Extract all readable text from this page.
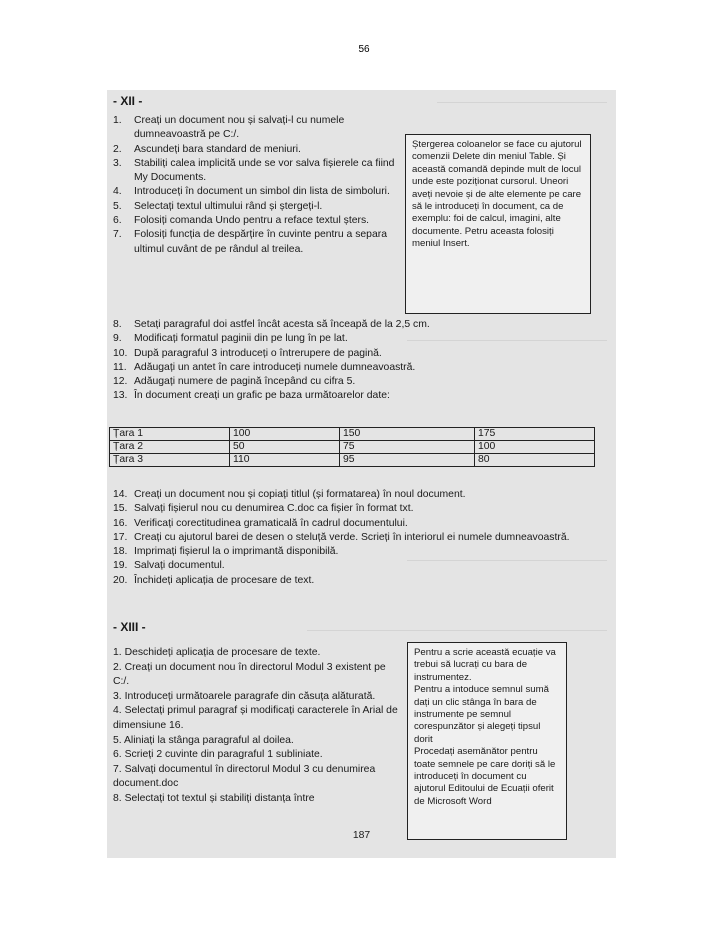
56
- XII -
1.	Creați un document nou și salvați-l cu numele dumneavoastră pe C:/.
2.	Ascundeți bara standard de meniuri.
3.	Stabiliți calea implicită unde se vor salva fișierele ca fiind My Documents.
4.	Introduceți în document un simbol din lista de simboluri.
5.	Selectați textul ultimului rând și ștergeți-l.
6.	Folosiți comanda Undo pentru a reface textul șters.
7.	Folosiți funcția de despărțire în cuvinte pentru a separa ultimul cuvânt de pe rândul al treilea.
8.	Setați paragraful doi astfel încât acesta să înceapă de la 2,5 cm.
9.	Modificați formatul paginii din pe lung în pe lat.
10. După paragraful 3 introduceți o întrerupere de pagină.
11. Adăugați un antet în care introduceți numele dumneavoastră.
12. Adăugați numere de pagină începând cu cifra 5.
13. În document creați un grafic pe baza următoarelor date:

Ștergerea coloanelor se face cu ajutorul comenzii Delete din meniul Table. Și această comandă depinde mult de locul unde este poziționat cursorul. Uneori aveți nevoie și de alte elemente pe care să le introduceți în document, ca de exemplu: foi de calcul, imagini, alte documente. Petru aceasta folosiți meniul Insert.

Țara 1	100	150	175
Țara 2	50	75	100
Țara 3	110	95	80
14. Creați un document nou și copiați titlul (și formatarea) în noul document.
15. Salvați fișierul nou cu denumirea C.doc ca fișier în format txt.
16. Verificați corectitudinea gramaticală în cadrul documentului.
17. Creați cu ajutorul barei de desen o steluță verde. Scrieți în interiorul ei numele dumneavoastră.
18. Imprimați fișierul la o imprimantă disponibilă.
19. Salvați documentul.
20. Închideți aplicația de procesare de text.
- XIII -
1. Deschideți aplicația de procesare de texte.
2. Creați un document nou în directorul Modul 3 existent pe C:/.
3. Introduceți următoarele paragrafe din căsuța alăturată.
4. Selectați primul paragraf și modificați caracterele în Arial de dimensiune 16.
5. Aliniați la stânga paragraful al doilea.
6. Scrieți 2 cuvinte din paragraful 1 subliniate.
7. Salvați documentul în directorul Modul 3 cu denumirea document.doc
8. Selectați tot textul și stabiliți distanța între

Pentru a scrie această ecuație va trebui să lucrați cu bara de instrumentez.

Pentru a intoduce semnul sumă dați un clic stânga în bara de instrumente pe semnul corespunzător și alegeți tipsul dorit

Procedați asemănător pentru toate semnele pe care doriți să le introduceți în document cu ajutorul Editoului de Ecuații oferit de Microsoft Word

187
